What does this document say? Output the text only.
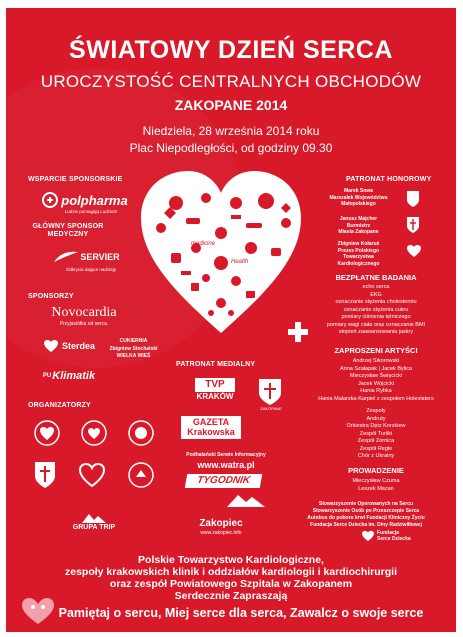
ŚWIATOWY DZIEŃ SERCA
UROCZYSTOŚĆ CENTRALNYCH OBCHODÓW
ZAKOPANE 2014
Niedziela, 28 września 2014 roku
Plac Niepodległości, od godziny 09.30
medicine
Health
WSPARCIE SPONSORSKIE
polpharma
Ludzie pomagają Ludziom
GŁÓWNY SPONSOR
MEDYCZNY
SERVIER
Odkrycia dające nadzieję
SPONSORZY
Novocardia
Przyjaciółka od serca.
Sterdea
PU Klimatik
CUKIERNIA
Zbigniew Stochalski
WIELKA WIEŚ
ORGANIZATORZY
GRUPA TRIP
PATRONAT MEDIALNY
TVP
KRAKÓW
ZAKOPANE
GAZETA
Krakowska
Podhalański Serwis Informacyjny
www.watra.pl
TYGODNIK
Zakopiec
www.zakopiec.info
PATRONAT HONOROWY
Marek Sowa
Marszałek Województwa
Małopolskiego
Janusz Majcher
Burmistrz
Miasta Zakopane
Zbigniew Kołaruś
Prezes Polskiego
Towarzystwa
Kardiologicznego
BEZPŁATNE BADANIA
echo serca
EKG
oznaczanie stężenia cholesterolu
oznaczanie stężenia cukru
pomiary ciśnienia tętniczego
pomiary wagi ciała oraz oznaczanie BMI
stopień zaawansowania jaskry
ZAPROSZENI ARTYŚCI
Andrzej Sikorowski
Anna Szałapak | Jacek Bylica
Mieczysław Święcicki
Jacek Wójcicki
Hania Rybka
Hania Malarska-Karpiel z zespołem Holeviaters
Zespoły
Andruty
Orkiestra Dętz Korzkiew
Zespół Turliki
Zespół Zornica
Zespół Regle
Chór z Ukrainy
PROWADZENIE
Mieczysław Czuma
Leszek Mazan
Stowarzyszenie Operowanych na Sercu
Stowarzyszenie Osób po Przeszczepie Serca
Autobus do poboru krwi Fundacji Kliniczny Życiu
Fundacja Serce Dziecka im. Diny Radziwiłłowej
Fundacja
Serce Dziecka
Polskie Towarzystwo Kardiologiczne,
zespoły krakowskich klinik i oddziałów kardiologii i kardiochirurgii
oraz zespół Powiatowego Szpitala w Zakopanem
Serdecznie Zapraszają
Pamiętaj o sercu, Miej serce dla serca, Zawalcz o swoje serce
